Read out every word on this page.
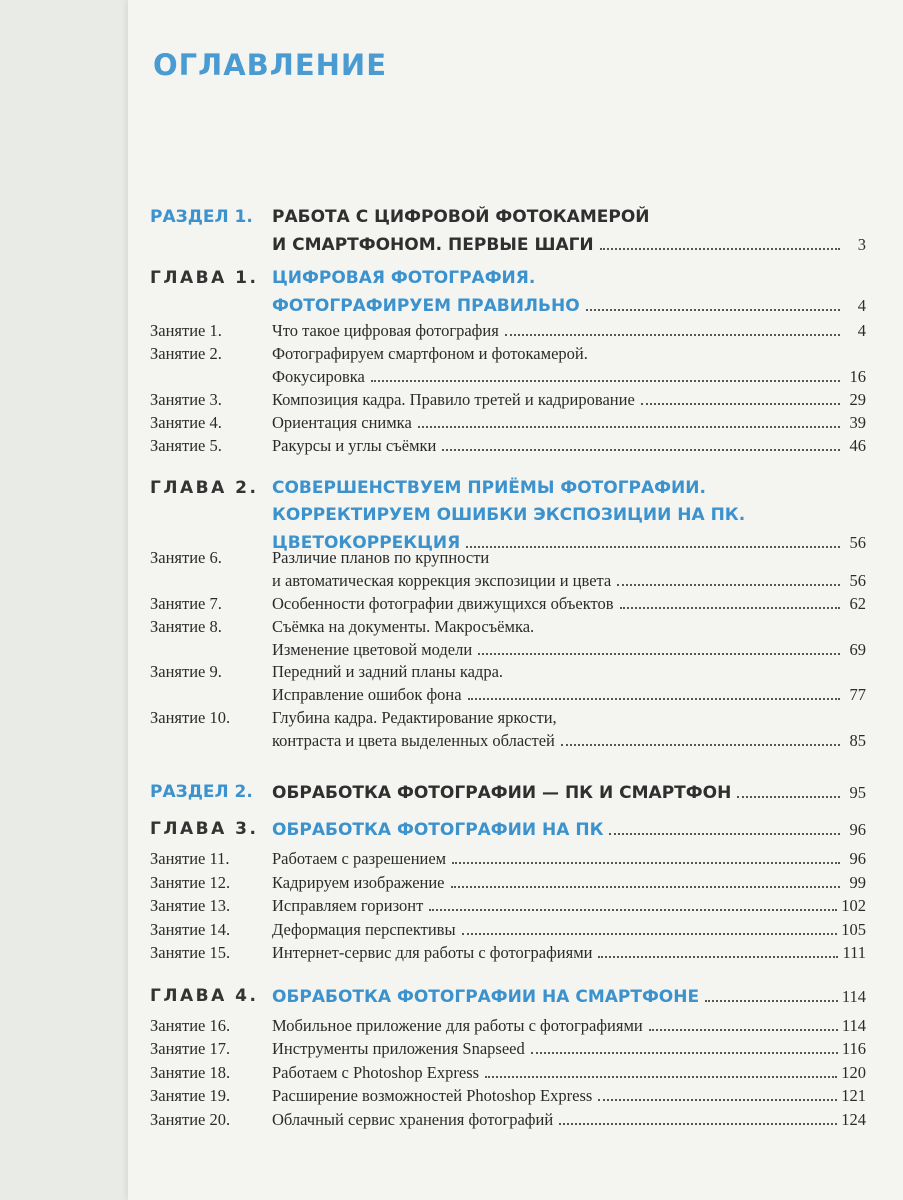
ОГЛАВЛЕНИЕ
РАЗДЕЛ 1. РАБОТА С ЦИФРОВОЙ ФОТОКАМЕРОЙ
И СМАРТФОНОМ. ПЕРВЫЕ ШАГИ	3
ГЛАВА 1. ЦИФРОВАЯ ФОТОГРАФИЯ.
ФОТОГРАФИРУЕМ ПРАВИЛЬНО	4
Занятие 1.	Что такое цифровая фотография	4
Занятие 2.	Фотографируем смартфоном и фотокамерой.
Фокусировка	16
Занятие 3.	Композиция кадра. Правило третей и кадрирование	29
Занятие 4.	Ориентация снимка	39
Занятие 5.	Ракурсы и углы съёмки	46
ГЛАВА 2. СОВЕРШЕНСТВУЕМ ПРИЁМЫ ФОТОГРАФИИ.
КОРРЕКТИРУЕМ ОШИБКИ ЭКСПОЗИЦИИ НА ПК.
ЦВЕТОКОРРЕКЦИЯ	56
Занятие 6.	Различие планов по крупности
и автоматическая коррекция экспозиции и цвета	56
Занятие 7.	Особенности фотографии движущихся объектов	62
Занятие 8.	Съёмка на документы. Макросъёмка.
Изменение цветовой модели	69
Занятие 9.	Передний и задний планы кадра.
Исправление ошибок фона	77
Занятие 10.	Глубина кадра. Редактирование яркости,
контраста и цвета выделенных областей	85
РАЗДЕЛ 2. ОБРАБОТКА ФОТОГРАФИИ — ПК И СМАРТФОН	95
ГЛАВА 3. ОБРАБОТКА ФОТОГРАФИИ НА ПК	96
Занятие 11.	Работаем с разрешением	96
Занятие 12.	Кадрируем изображение	99
Занятие 13.	Исправляем горизонт	102
Занятие 14.	Деформация перспективы	105
Занятие 15.	Интернет-сервис для работы с фотографиями	111
ГЛАВА 4. ОБРАБОТКА ФОТОГРАФИИ НА СМАРТФОНЕ	114
Занятие 16.	Мобильное приложение для работы с фотографиями	114
Занятие 17.	Инструменты приложения Snapseed	116
Занятие 18.	Работаем с Photoshop Express	120
Занятие 19.	Расширение возможностей Photoshop Express	121
Занятие 20.	Облачный сервис хранения фотографий	124
